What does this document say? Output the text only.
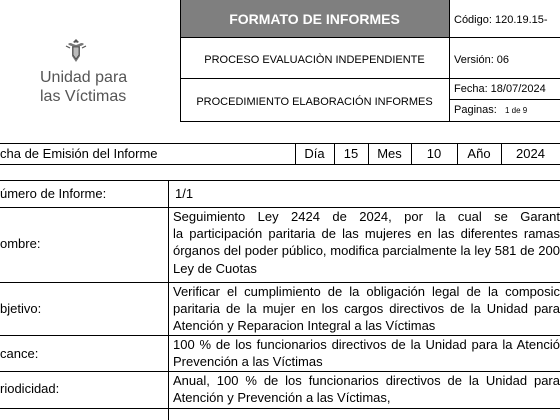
Unidad para
las Víctimas
FORMATO DE INFORMES
PROCESO EVALUACIÒN INDEPENDIENTE
PROCEDIMIENTO ELABORACIÓN INFORMES
Código: 120.19.15-
Versión: 06
Fecha: 18/07/2024
Paginas: 1 de 9
cha de Emisión del Informe	Día	15	Mes	10	Año	2024
úmero de Informe:	1/1
ombre:
Seguimiento Ley 2424 de 2024, por la cual se Garant
la participación paritaria de las mujeres en las diferentes ramas
órganos del poder público, modifica parcialmente la ley 581 de 200
Ley de Cuotas
bjetivo:
Verificar el cumplimiento de la obligación legal de la composic
paritaria de la mujer en los cargos directivos de la Unidad para
Atención y Reparacion Integral a las Víctimas
cance:
100 % de los funcionarios directivos de la Unidad para la Atenció
Prevención a las Víctimas
riodicidad:
Anual, 100 % de los funcionarios directivos de la Unidad para
Atención y Prevención a las Víctimas,
